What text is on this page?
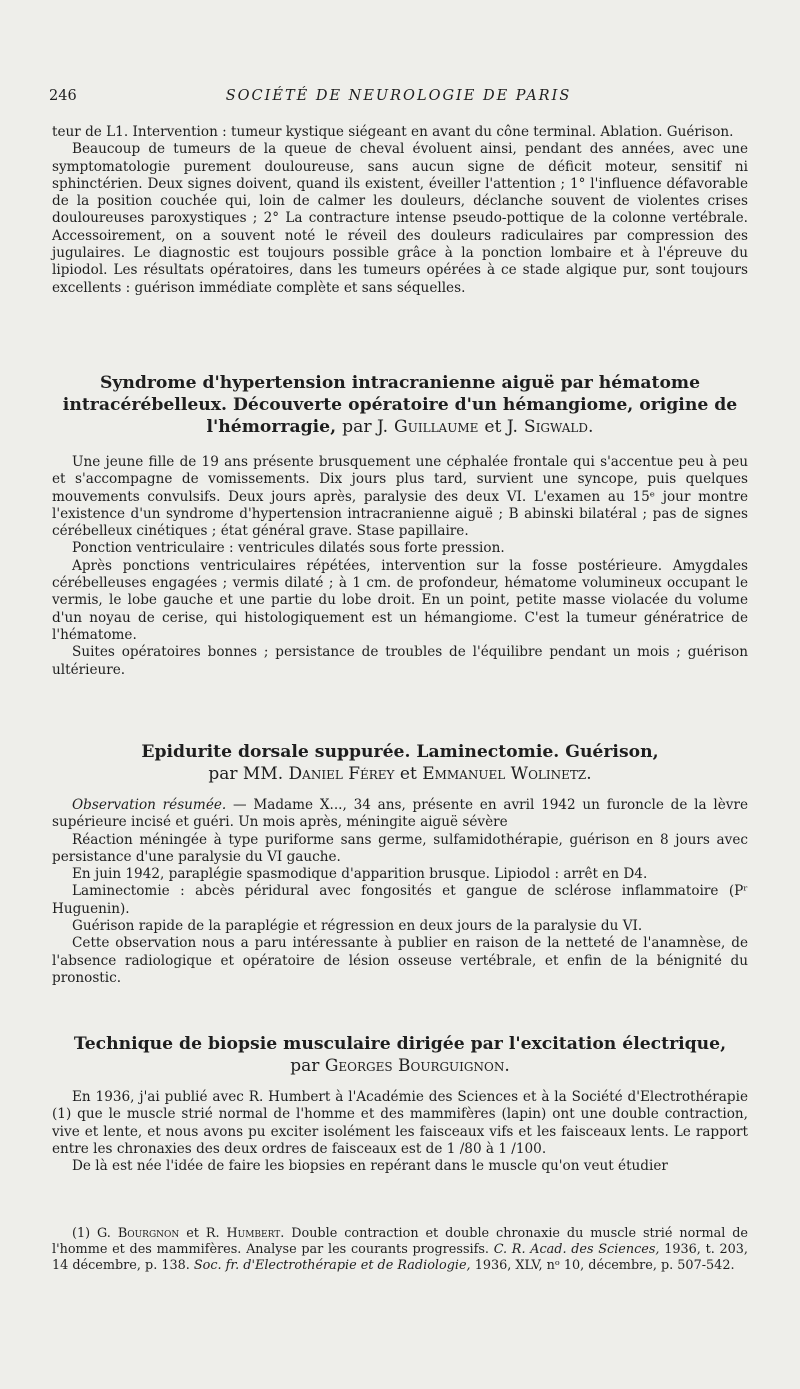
246	SOCIÉTÉ DE NEUROLOGIE DE PARIS

teur de L1. Intervention : tumeur kystique siégeant en avant du cône terminal. Ablation. Guérison.

Beaucoup de tumeurs de la queue de cheval évoluent ainsi, pendant des années, avec une symptomatologie purement douloureuse, sans aucun signe de déficit moteur, sensitif ni sphinctérien. Deux signes doivent, quand ils existent, éveiller l'attention ; 1° l'influence défavorable de la position couchée qui, loin de calmer les douleurs, déclanche souvent de violentes crises douloureuses paroxystiques ; 2° La contracture intense pseudo-pottique de la colonne vertébrale. Accessoirement, on a souvent noté le réveil des douleurs radiculaires par compression des jugulaires. Le diagnostic est toujours possible grâce à la ponction lombaire et à l'épreuve du lipiodol. Les résultats opératoires, dans les tumeurs opérées à ce stade algique pur, sont toujours excellents : guérison immédiate complète et sans séquelles.

Syndrome d'hypertension intracranienne aiguë par hématome intracérébelleux. Découverte opératoire d'un hémangiome, origine de l'hémorragie, par J. Guillaume et J. Sigwald.

Une jeune fille de 19 ans présente brusquement une céphalée frontale qui s'accentue peu à peu et s'accompagne de vomissements. Dix jours plus tard, survient une syncope, puis quelques mouvements convulsifs. Deux jours après, paralysie des deux VI. L'examen au 15ᵉ jour montre l'existence d'un syndrome d'hypertension intracranienne aiguë ; B abinski bilatéral ; pas de signes cérébelleux cinétiques ; état général grave. Stase papillaire.

Ponction ventriculaire : ventricules dilatés sous forte pression.

Après ponctions ventriculaires répétées, intervention sur la fosse postérieure. Amygdales cérébelleuses engagées ; vermis dilaté ; à 1 cm. de profondeur, hématome volumineux occupant le vermis, le lobe gauche et une partie du lobe droit. En un point, petite masse violacée du volume d'un noyau de cerise, qui histologiquement est un hémangiome. C'est la tumeur génératrice de l'hématome.

Suites opératoires bonnes ; persistance de troubles de l'équilibre pendant un mois ; guérison ultérieure.

Epidurite dorsale suppurée. Laminectomie. Guérison,
par MM. Daniel Férey et Emmanuel Wolinetz.

Observation résumée. — Madame X..., 34 ans, présente en avril 1942 un furoncle de la lèvre supérieure incisé et guéri. Un mois après, méningite aiguë sévère

Réaction méningée à type puriforme sans germe, sulfamidothérapie, guérison en 8 jours avec persistance d'une paralysie du VI gauche.

En juin 1942, paraplégie spasmodique d'apparition brusque. Lipiodol : arrêt en D4.

Laminectomie : abcès péridural avec fongosités et gangue de sclérose inflammatoire (Pʳ Huguenin).

Guérison rapide de la paraplégie et régression en deux jours de la paralysie du VI.

Cette observation nous a paru intéressante à publier en raison de la netteté de l'anamnèse, de l'absence radiologique et opératoire de lésion osseuse vertébrale, et enfin de la bénignité du pronostic.

Technique de biopsie musculaire dirigée par l'excitation électrique,
par Georges Bourguignon.

En 1936, j'ai publié avec R. Humbert à l'Académie des Sciences et à la Société d'Electrothérapie (1) que le muscle strié normal de l'homme et des mammifères (lapin) ont une double contraction, vive et lente, et nous avons pu exciter isolément les faisceaux vifs et les faisceaux lents. Le rapport entre les chronaxies des deux ordres de faisceaux est de 1 /80 à 1 /100.

De là est née l'idée de faire les biopsies en repérant dans le muscle qu'on veut étudier

(1) G. Bourgnon et R. Humbert. Double contraction et double chronaxie du muscle strié normal de l'homme et des mammifères. Analyse par les courants progressifs. C. R. Acad. des Sciences, 1936, t. 203, 14 décembre, p. 138. Soc. fr. d'Electrothérapie et de Radiologie, 1936, XLV, nᵒ 10, décembre, p. 507-542.
